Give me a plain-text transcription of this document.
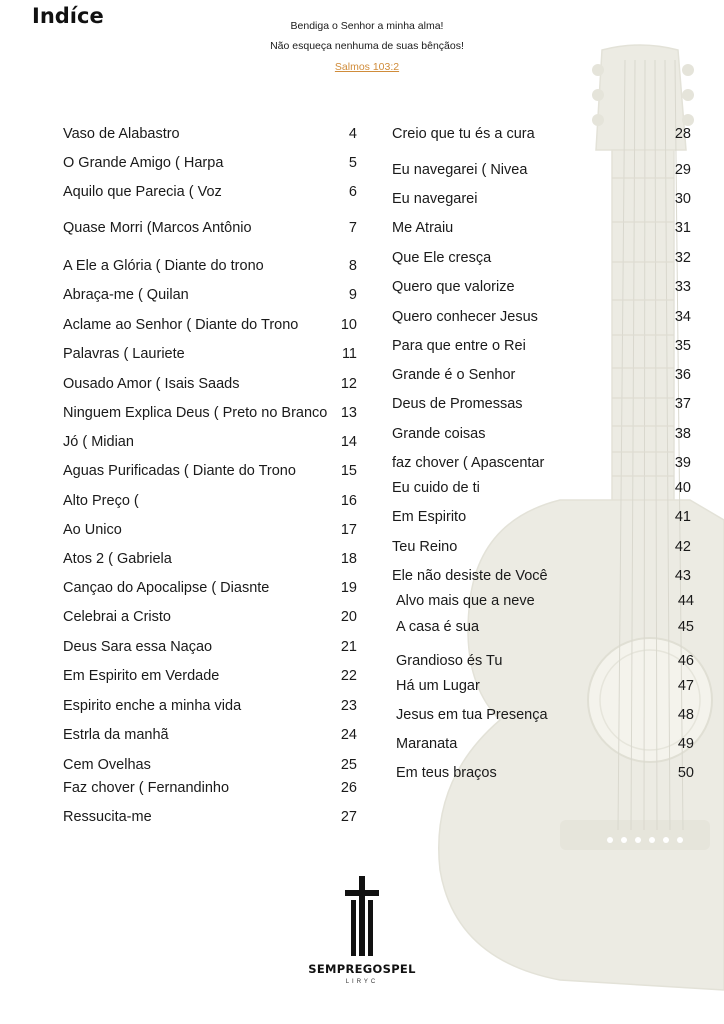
Indíce	Bendiga o Senhor a minha alma!
Não esqueça nenhuma de suas bênçãos!
Salmos 103:2
Vaso de Alabastro	4
O Grande Amigo ( Harpa	5
Aquilo que Parecia ( Voz	6
Quase Morri (Marcos Antônio	7
A Ele a Glória ( Diante do trono	8
Abraça-me ( Quilan	9
Aclame ao Senhor ( Diante do Trono	10
Palavras ( Lauriete	11
Ousado Amor ( Isais Saads	12
Ninguem Explica Deus ( Preto no Branco 13
Jó ( Midian	14
Aguas Purificadas ( Diante do Trono	15
Alto Preço (	16
Ao Unico	17
Atos 2 ( Gabriela	18
Cançao do Apocalipse ( Diasnte	19
Celebrai a Cristo	20
Deus Sara essa Naçao	21
Em Espirito em Verdade	22
Espirito enche a minha vida	23
Estrla da manhã	24
Cem Ovelhas	25
Faz chover ( Fernandinho	26
Ressucita-me	27
Creio que tu és a cura	28
Eu navegarei ( Nivea	29
Eu navegarei	30
Me Atraiu	31
Que Ele cresça	32
Quero que valorize	33
Quero conhecer Jesus	34
Para que entre o Rei	35
Grande é o Senhor	36
Deus de Promessas	37
Grande coisas	38
faz chover ( Apascentar	39
Eu cuido de ti	40
Em Espirito	41
Teu Reino	42
Ele não desiste de Você	43
Alvo mais que a neve	44
A casa é sua	45
Grandioso és Tu	46
Há um Lugar	47
Jesus em tua Presença	48
Maranata	49
Em teus braços	50
SEMPREGOSPEL
LIRYC
